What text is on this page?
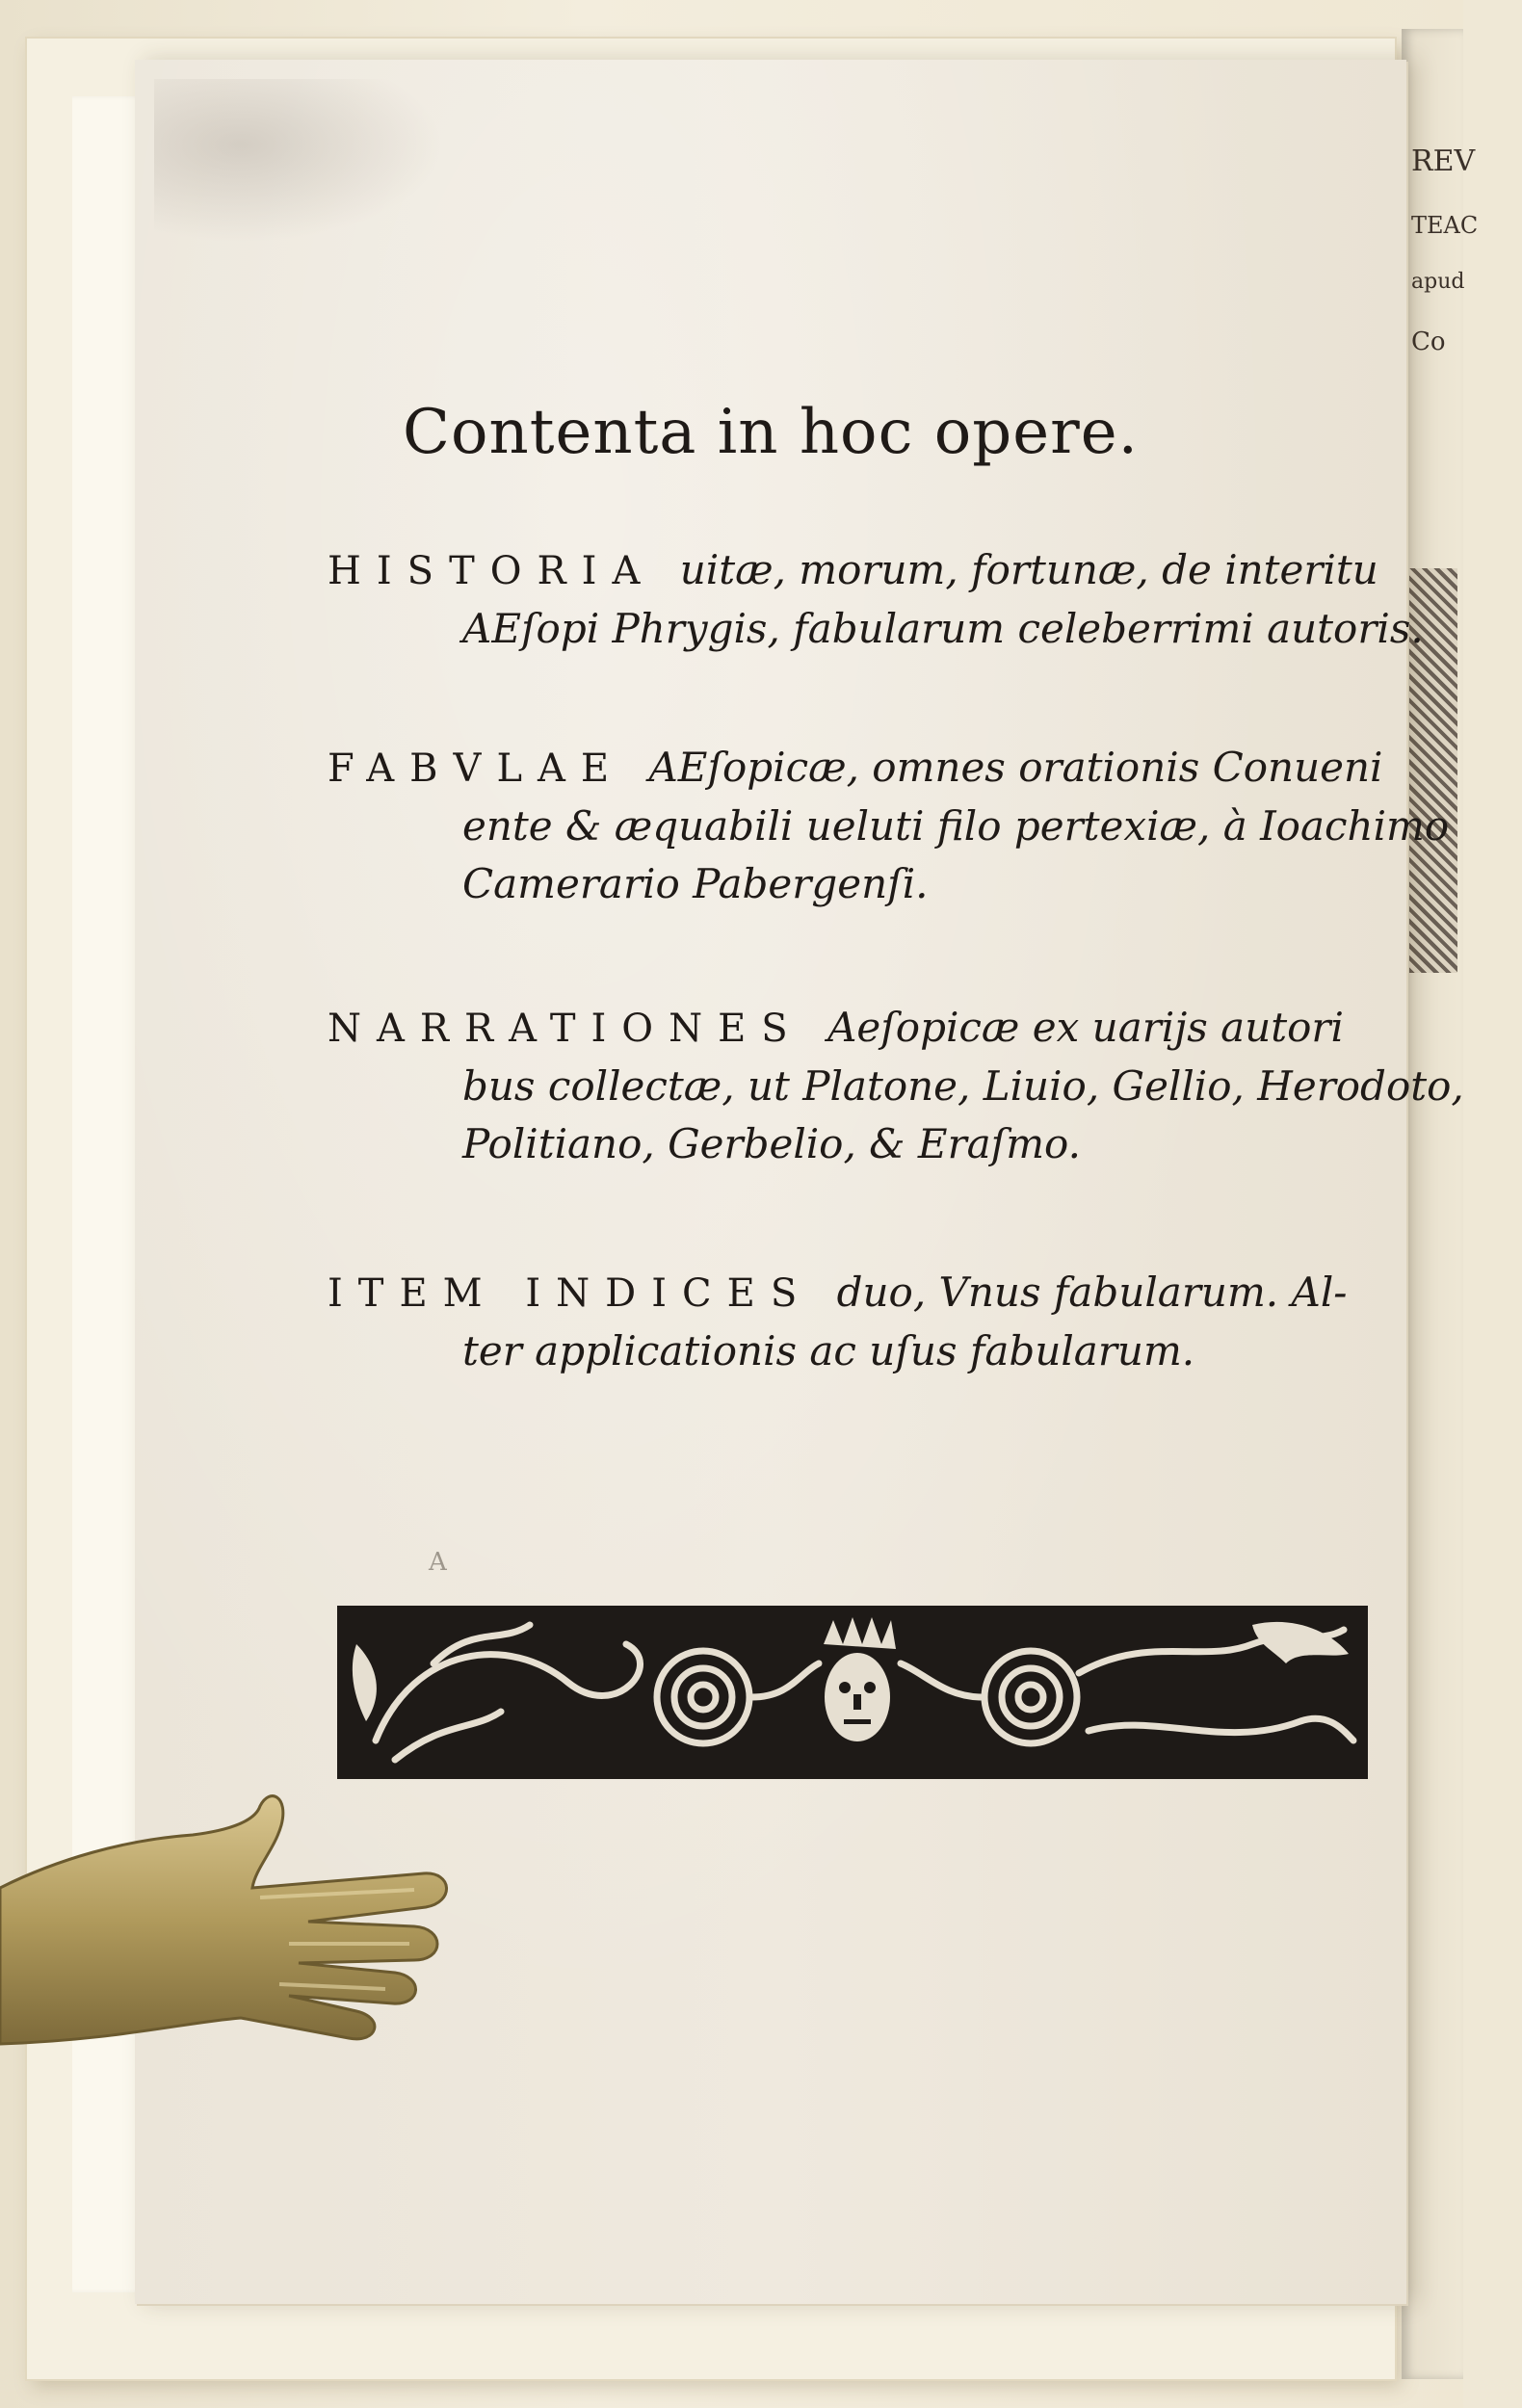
REV
TEAC
apud
Co
Contenta in hoc opere.
HISTORIA uitæ, morum, fortunæ, de interitu
AEſopi Phrygis, fabularum celeberrimi autoris.
FABVLAE AEſopicæ, omnes orationis Conueni
ente & æquabili ueluti filo pertexiæ, à Ioachimo
Camerario Pabergenſi.
NARRATIONES Aeſopicæ ex uarijs autori
bus collectæ, ut Platone, Liuio, Gellio, Herodoto,
Politiano, Gerbelio, & Eraſmo.
ITEM INDICES duo, Vnus fabularum. Al-
ter applicationis ac uſus fabularum.
A
